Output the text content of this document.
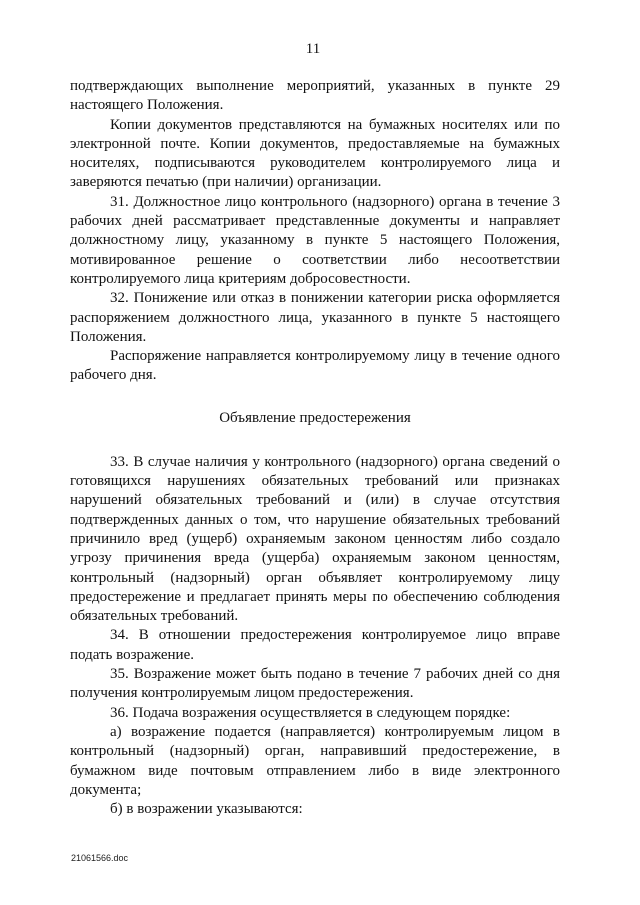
11

подтверждающих выполнение мероприятий, указанных в пункте 29 настоящего Положения.

Копии документов представляются на бумажных носителях или по электронной почте. Копии документов, предоставляемые на бумажных носителях, подписываются руководителем контролируемого лица и заверяются печатью (при наличии) организации.

31. Должностное лицо контрольного (надзорного) органа в течение 3 рабочих дней рассматривает представленные документы и направляет должностному лицу, указанному в пункте 5 настоящего Положения, мотивированное решение о соответствии либо несоответствии контролируемого лица критериям добросовестности.

32. Понижение или отказ в понижении категории риска оформляется распоряжением должностного лица, указанного в пункте 5 настоящего Положения.

Распоряжение направляется контролируемому лицу в течение одного рабочего дня.

Объявление предостережения

33. В случае наличия у контрольного (надзорного) органа сведений о готовящихся нарушениях обязательных требований или признаках нарушений обязательных требований и (или) в случае отсутствия подтвержденных данных о том, что нарушение обязательных требований причинило вред (ущерб) охраняемым законом ценностям либо создало угрозу причинения вреда (ущерба) охраняемым законом ценностям, контрольный (надзорный) орган объявляет контролируемому лицу предостережение и предлагает принять меры по обеспечению соблюдения обязательных требований.

34. В отношении предостережения контролируемое лицо вправе подать возражение.

35. Возражение может быть подано в течение 7 рабочих дней со дня получения контролируемым лицом предостережения.

36. Подача возражения осуществляется в следующем порядке:

а) возражение подается (направляется) контролируемым лицом в контрольный (надзорный) орган, направивший предостережение, в бумажном виде почтовым отправлением либо в виде электронного документа;

б) в возражении указываются:

21061566.doc
